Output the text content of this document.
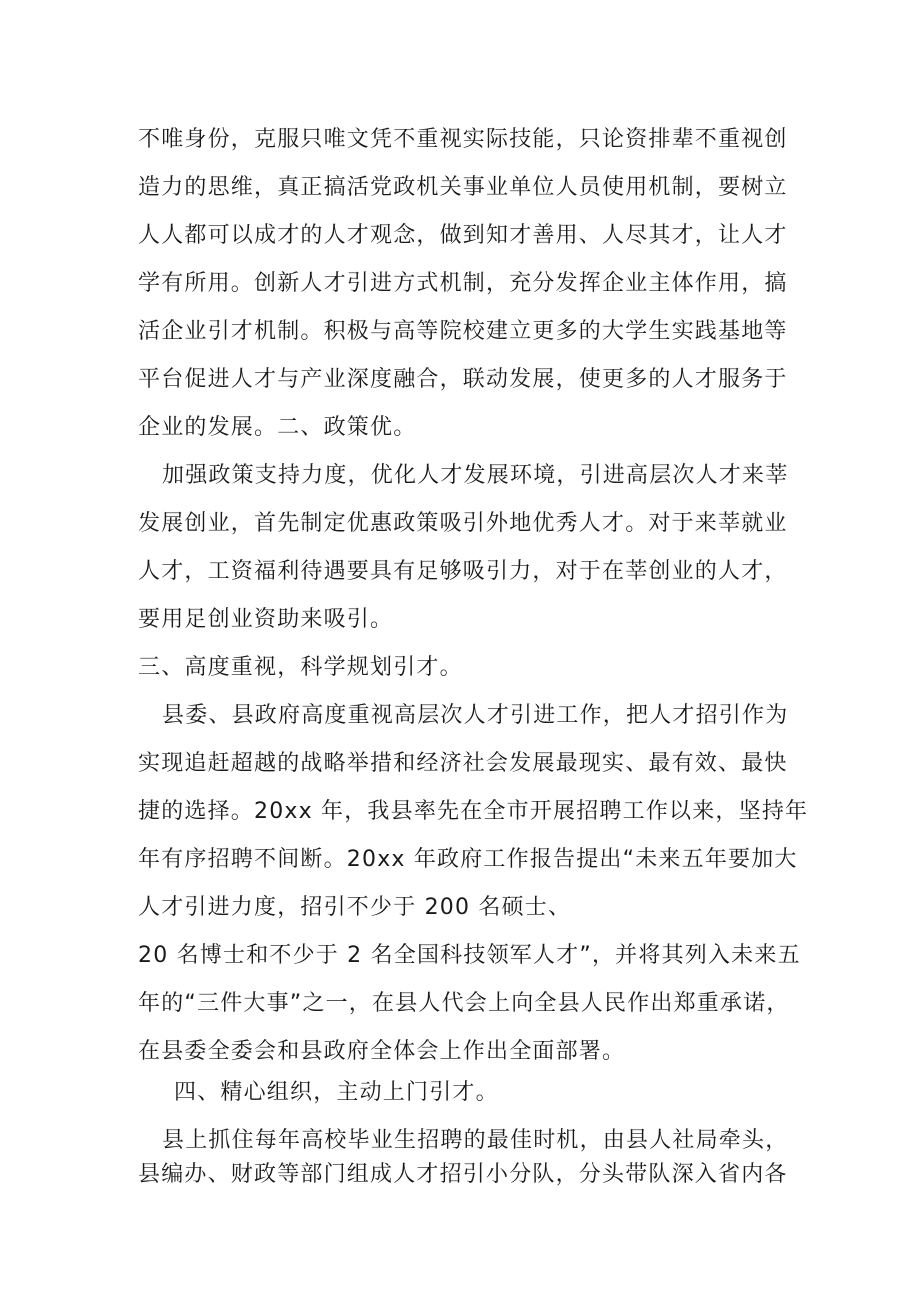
不唯身份，克服只唯文凭不重视实际技能，只论资排辈不重视创

造力的思维，真正搞活党政机关事业单位人员使用机制，要树立

人人都可以成才的人才观念，做到知才善用、人尽其才，让人才

学有所用。创新人才引进方式机制，充分发挥企业主体作用，搞

活企业引才机制。积极与高等院校建立更多的大学生实践基地等

平台促进人才与产业深度融合，联动发展，使更多的人才服务于

企业的发展。二、政策优。

加强政策支持力度，优化人才发展环境，引进高层次人才来莘

发展创业，首先制定优惠政策吸引外地优秀人才。对于来莘就业

人才，工资福利待遇要具有足够吸引力，对于在莘创业的人才，

要用足创业资助来吸引。

三、高度重视，科学规划引才。

县委、县政府高度重视高层次人才引进工作，把人才招引作为

实现追赶超越的战略举措和经济社会发展最现实、最有效、最快

捷的选择。20xx 年，我县率先在全市开展招聘工作以来，坚持年

年有序招聘不间断。20xx 年政府工作报告提出“未来五年要加大

人才引进力度，招引不少于 200 名硕士、

20 名博士和不少于 2 名全国科技领军人才”，并将其列入未来五

年的“三件大事”之一，在县人代会上向全县人民作出郑重承诺，

在县委全委会和县政府全体会上作出全面部署。

四、精心组织，主动上门引才。

县上抓住每年高校毕业生招聘的最佳时机，由县人社局牵头，

县编办、财政等部门组成人才招引小分队，分头带队深入省内各
